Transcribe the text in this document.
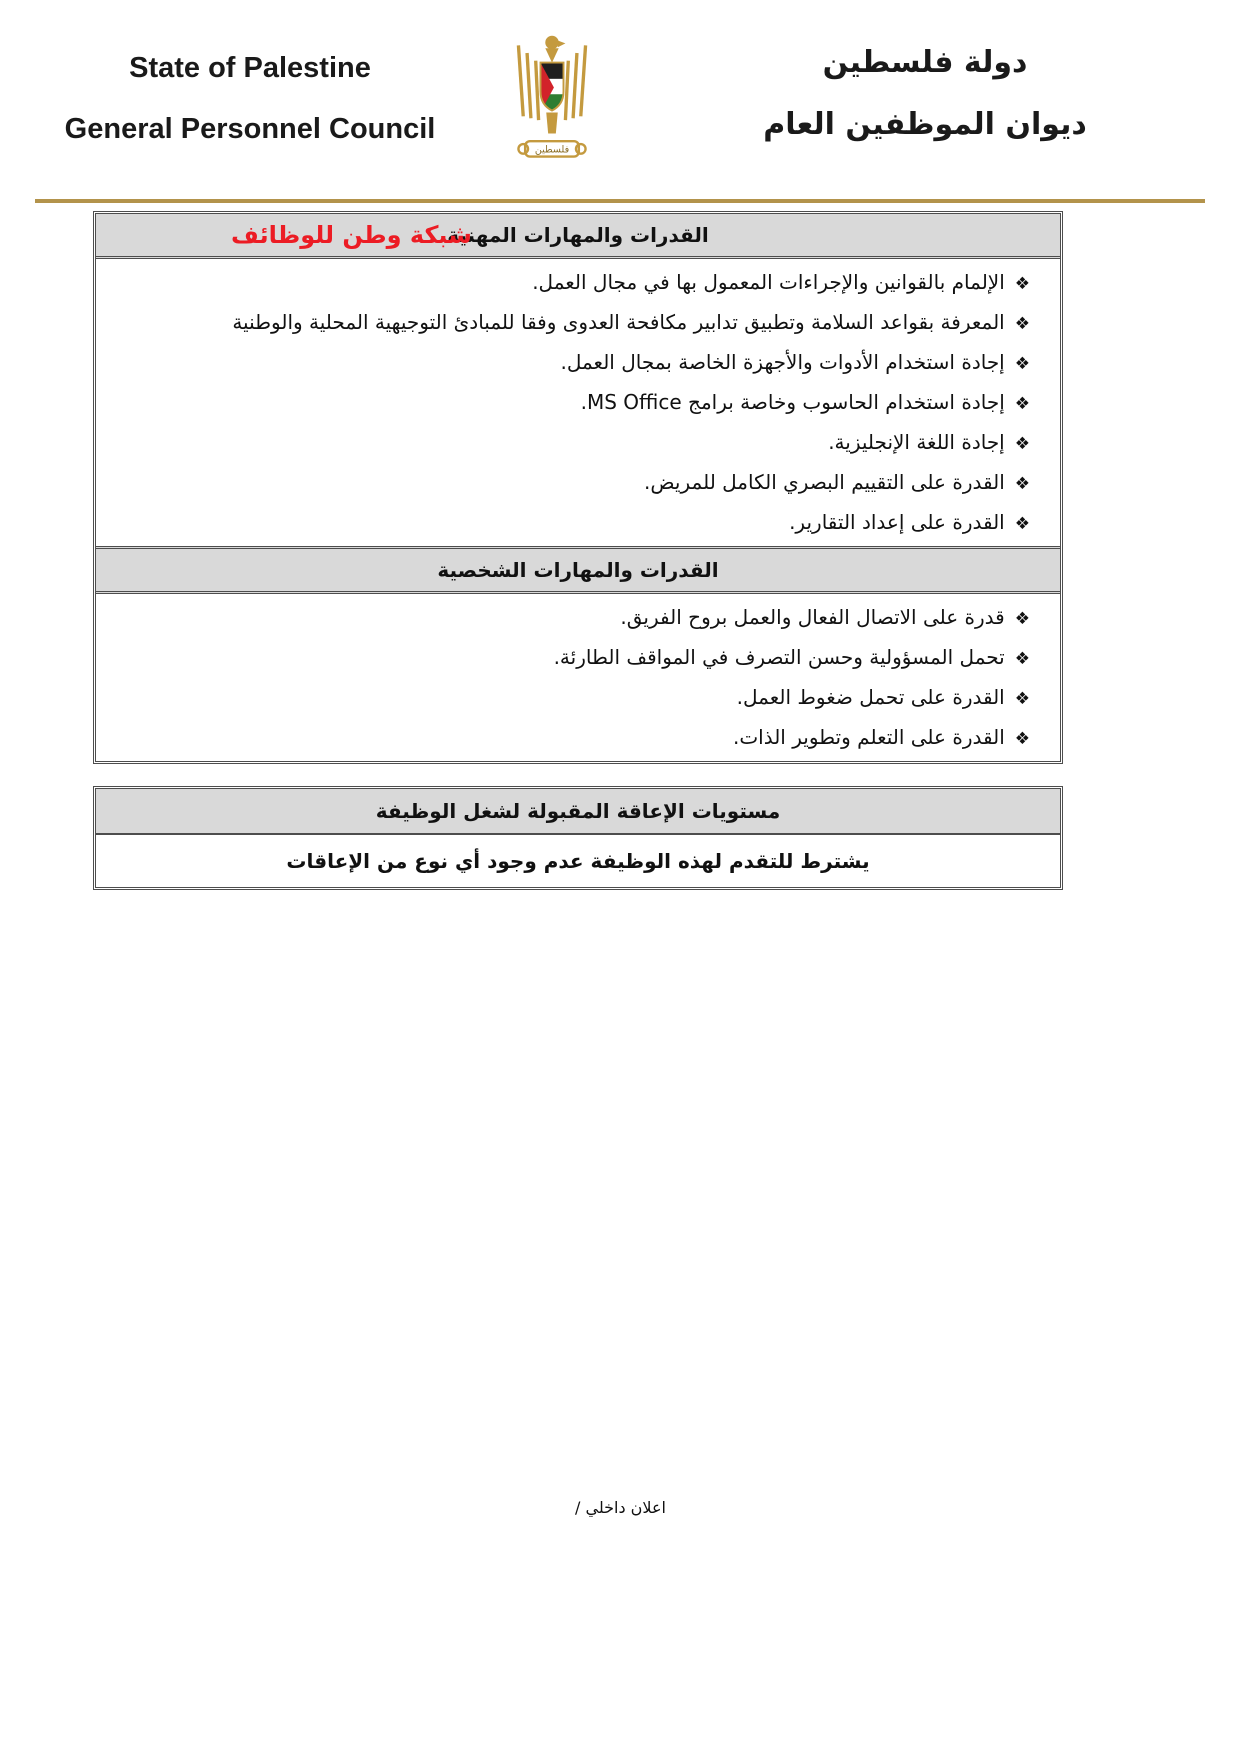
State of Palestine
General Personnel Council
فلسطين
دولة فلسطين
ديوان الموظفين العام
القدرات والمهارات المهنية
شبكة وطن للوظائف
❖الإلمام بالقوانين والإجراءات المعمول بها في مجال العمل.
❖المعرفة بقواعد السلامة وتطبيق تدابير مكافحة العدوى وفقا للمبادئ التوجيهية المحلية والوطنية
❖إجادة استخدام الأدوات والأجهزة الخاصة بمجال العمل.
❖إجادة استخدام الحاسوب وخاصة برامج MS Office.
❖إجادة اللغة الإنجليزية.
❖القدرة على التقييم البصري الكامل للمريض.
❖القدرة على إعداد التقارير.
القدرات والمهارات الشخصية
❖قدرة على الاتصال الفعال والعمل بروح الفريق.
❖تحمل المسؤولية وحسن التصرف في المواقف الطارئة.
❖القدرة على تحمل ضغوط العمل.
❖القدرة على التعلم وتطوير الذات.
مستويات الإعاقة المقبولة لشغل الوظيفة
يشترط للتقدم لهذه الوظيفة عدم وجود أي نوع من الإعاقات
اعلان داخلي /
